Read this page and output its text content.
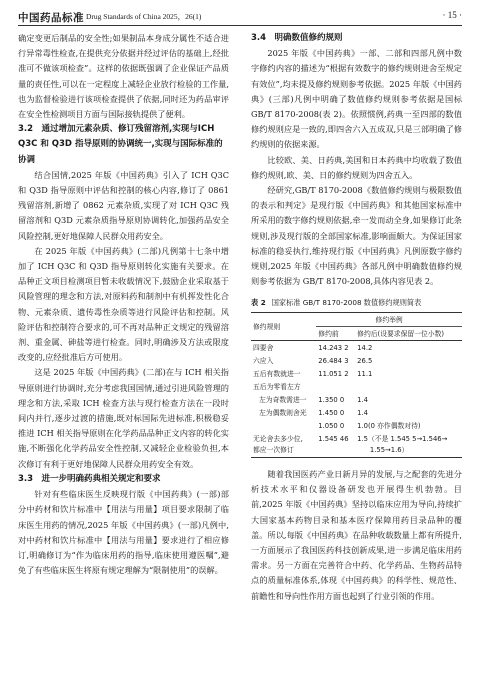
中国药品标准 Drug Standards of China 2025，26(1)	· 15 ·

确定变更后制品的安全性;如果制品本身成分属性不适合进行异常毒性检查,在提供充分依据并经过评估的基础上,经批准可不做该项检查”。这样的依据既强调了企业保证产品质量的责任性,可以在一定程度上减轻企业放行检验的工作量,也为监督检验进行该项检查提供了依据,同时还为药品审评在安全性检测项目方面与国际接轨提供了便利。

3.2　通过增加元素杂质、修订残留溶剂,实现与ICH Q3C 和 Q3D 指导原则的协调统一,实现与国际标准的协调

结合国情,2025 年版《中国药典》引入了 ICH Q3C 和 Q3D 指导原则中评估和控制的核心内容,修订了 0861 残留溶剂,新增了 0862 元素杂质,实现了对 ICH Q3C 残留溶剂和 Q3D 元素杂质指导原则协调转化,加强药品安全风险控制,更好地保障人民群众用药安全。

在 2025 年版《中国药典》(二部)凡例第十七条中增加了 ICH Q3C 和 Q3D 指导原则转化实施有关要求。在品种正文项目检测项目暂未收载情况下,鼓励企业采取基于风险管理的理念和方法,对原料药和制剂中有机挥发性化合物、元素杂质、遗传毒性杂质等进行风险评估和控制。风险评估和控制符合要求的,可不再对品种正文规定的残留溶剂、重金属、砷盐等进行检查。同时,明确涉及方法或限度改变的,应经批准后方可使用。

这是 2025 年版《中国药典》(二部)在与 ICH 相关指导原则进行协调时,充分考虑我国国情,通过引进风险管理的理念和方法,采取 ICH 检查方法与现行检查方法在一段时间内并行,逐步过渡的措施,既对标国际先进标准,积极稳妥推进 ICH 相关指导原则在化学药品品种正文内容的转化实施,不断强化化学药品安全性控制,又减轻企业检验负担,本次修订有利于更好地保障人民群众用药安全有效。

3.3　进一步明确药典相关规定和要求

针对有些临床医生反映现行版《中国药典》(一部)部分中药材和饮片标准中【用法与用量】项目要求限制了临床医生用药的情况,2025 年版《中国药典》(一部)凡例中,对中药材和饮片标准中【用法与用量】要求进行了相应修订,明确修订为“作为临床用药的指导,临床使用遵医嘱”,避免了有些临床医生将原有规定理解为“限制使用”的误解。

3.4　明确数值修约规则

2025 年版《中国药典》一部、二部和四部凡例中数字修约内容的描述为“根据有效数字的修约规则进舍至规定有效位”,均未提及修约规则参考依据。2025 年版《中国药典》(三部)凡例中明确了数值修约规则参考依据是国标 GB/T 8170-2008(表 2)。依照惯例,药典一至四部的数值修约规则应是一致的,即四舍六入五成双,只是三部明确了修约规则的依据来源。

比较欧、美、日药典,美国和日本药典中均收载了数值修约规则,欧、美、日的修约规则为四舍五入。

经研究,GB/T 8170-2008《数值修约规则与极限数值的表示和判定》是现行版《中国药典》和其他国家标准中所采用的数字修约规则依据,牵一发而动全身,如果修订此条规则,涉及现行版的全部国家标准,影响面颇大。为保证国家标准的稳妥执行,维持现行版《中国药典》凡例原数字修约规则,2025 年版《中国药典》各部凡例中明确数值修约规则参考依据为 GB/T 8170-2008,具体内容见表 2。

表 2 国家标准 GB/T 8170-2008 数值修约规则简表
修约规则	修约举例	
	修约前	修约后(设要求保留一位小数)
四要舍	14.243 2	14.2
六应入	26.484 3	26.5
五后有数就进一	11.051 2	11.1
五后为零看左方		
左为奇数需进一	1.350 0	1.4
左为偶数则舍光	1.450 0	1.4
	1.050 0	1.0(0 亦作偶数对待)
无论舍去多少位,	1.545 46	1.5（不是 1.545 5→1.546→
都应一次修订	1.55→1.6）	

随着我国医药产业日新月异的发展,与之配套的先进分析技术水平和仪器设备研发也开展得生机勃勃。目前,2025 年版《中国药典》坚持以临床应用为导向,持续扩大国家基本药物目录和基本医疗保障用药目录品种的覆盖。所以,每版《中国药典》在品种收载数量上都有所提升,一方面展示了我国医药科技创新成果,进一步满足临床用药需求。另一方面在完善符合中药、化学药品、生物药品特点的质量标准体系,体现《中国药典》的科学性、规范性、前瞻性和导向性作用方面也起到了行业引领的作用。
